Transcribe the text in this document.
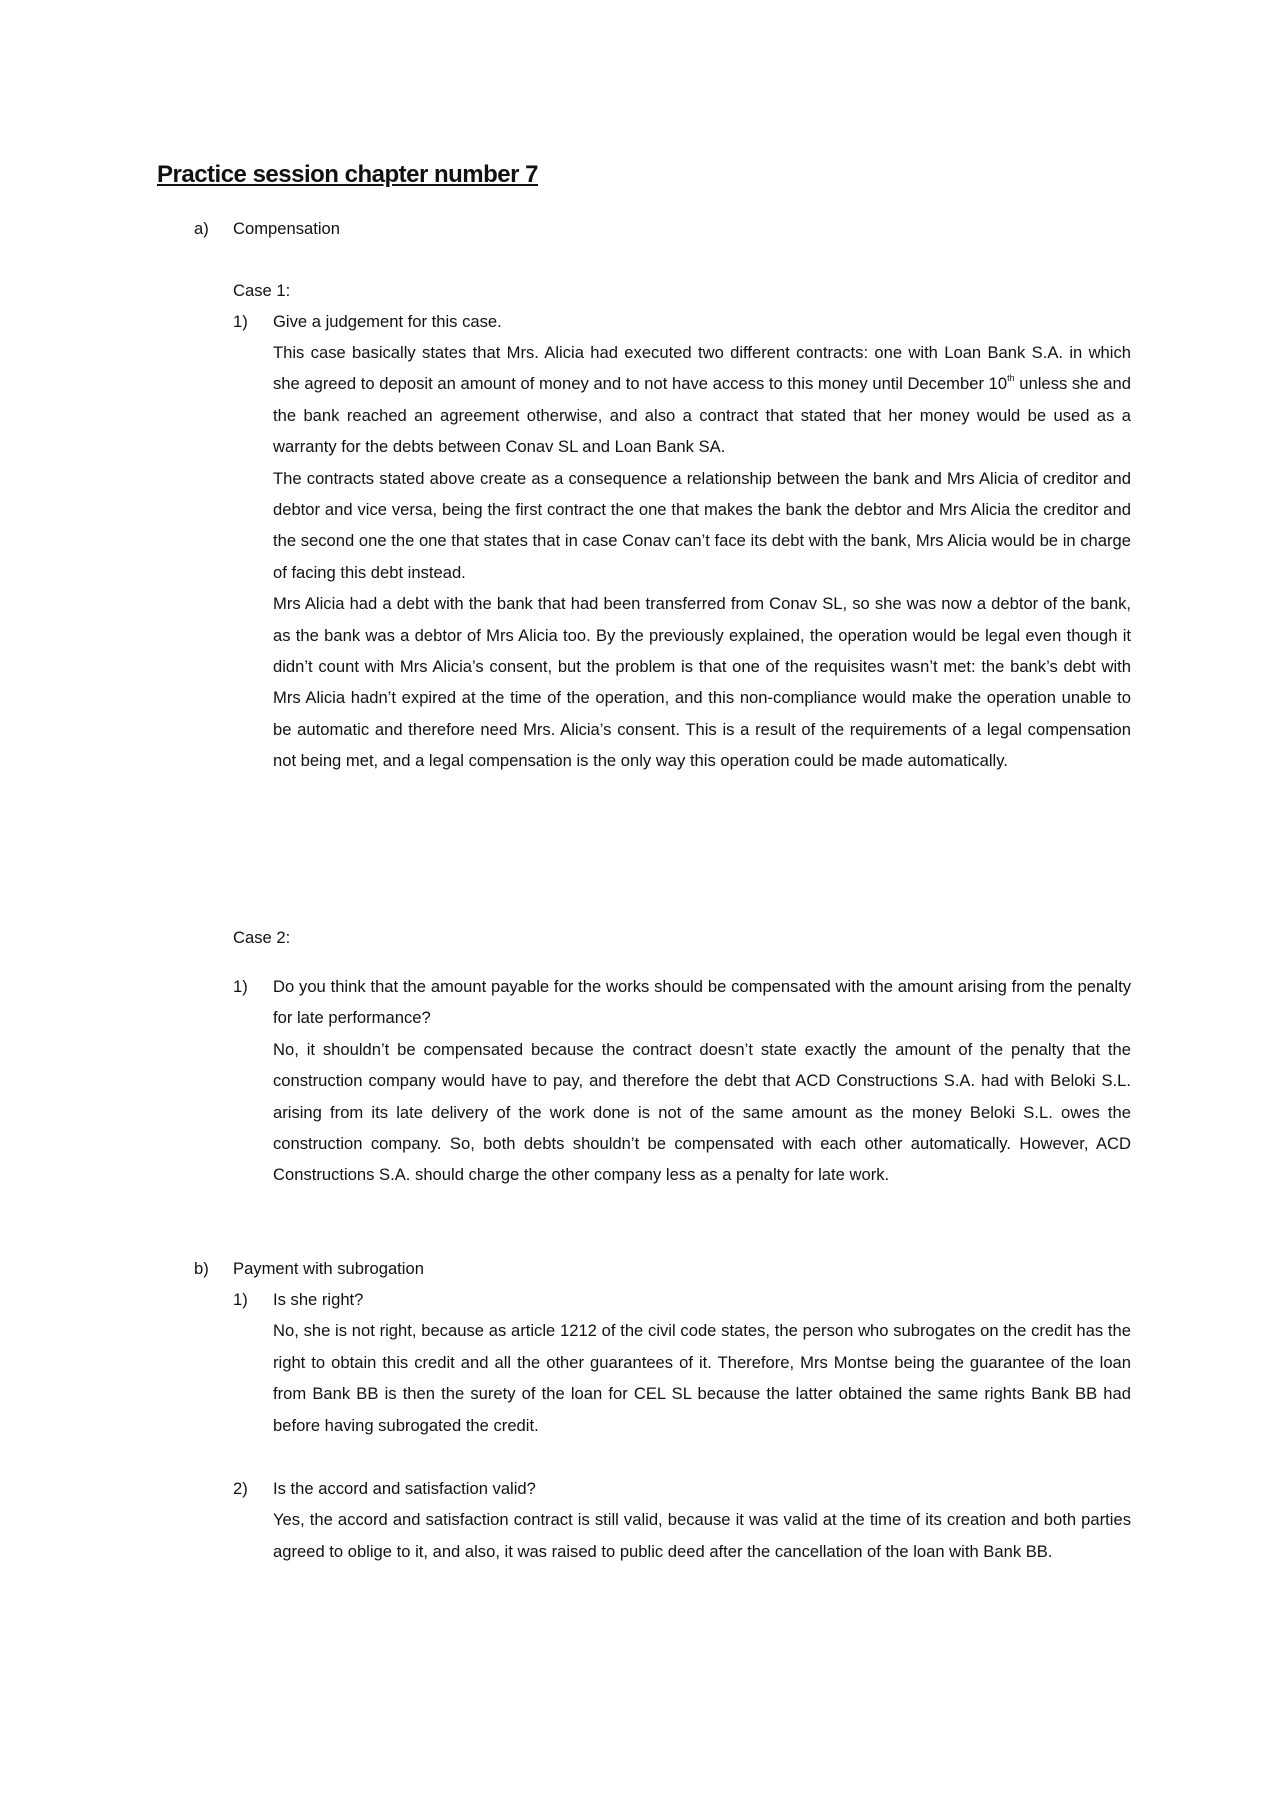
Practice session chapter number 7
a) Compensation
Case 1:
1) Give a judgement for this case.
This case basically states that Mrs. Alicia had executed two different contracts: one with Loan Bank S.A. in which she agreed to deposit an amount of money and to not have access to this money until December 10th unless she and the bank reached an agreement otherwise, and also a contract that stated that her money would be used as a warranty for the debts between Conav SL and Loan Bank SA.
The contracts stated above create as a consequence a relationship between the bank and Mrs Alicia of creditor and debtor and vice versa, being the first contract the one that makes the bank the debtor and Mrs Alicia the creditor and the second one the one that states that in case Conav can’t face its debt with the bank, Mrs Alicia would be in charge of facing this debt instead.
Mrs Alicia had a debt with the bank that had been transferred from Conav SL, so she was now a debtor of the bank, as the bank was a debtor of Mrs Alicia too. By the previously explained, the operation would be legal even though it didn’t count with Mrs Alicia’s consent, but the problem is that one of the requisites wasn’t met: the bank’s debt with Mrs Alicia hadn’t expired at the time of the operation, and this non-compliance would make the operation unable to be automatic and therefore need Mrs. Alicia’s consent. This is a result of the requirements of a legal compensation not being met, and a legal compensation is the only way this operation could be made automatically.
Case 2:
1) Do you think that the amount payable for the works should be compensated with the amount arising from the penalty for late performance?
No, it shouldn’t be compensated because the contract doesn’t state exactly the amount of the penalty that the construction company would have to pay, and therefore the debt that ACD Constructions S.A. had with Beloki S.L. arising from its late delivery of the work done is not of the same amount as the money Beloki S.L. owes the construction company. So, both debts shouldn’t be compensated with each other automatically. However, ACD Constructions S.A. should charge the other company less as a penalty for late work.
b) Payment with subrogation
1) Is she right?
No, she is not right, because as article 1212 of the civil code states, the person who subrogates on the credit has the right to obtain this credit and all the other guarantees of it. Therefore, Mrs Montse being the guarantee of the loan from Bank BB is then the surety of the loan for CEL SL because the latter obtained the same rights Bank BB had before having subrogated the credit.
2) Is the accord and satisfaction valid?
Yes, the accord and satisfaction contract is still valid, because it was valid at the time of its creation and both parties agreed to oblige to it, and also, it was raised to public deed after the cancellation of the loan with Bank BB.
